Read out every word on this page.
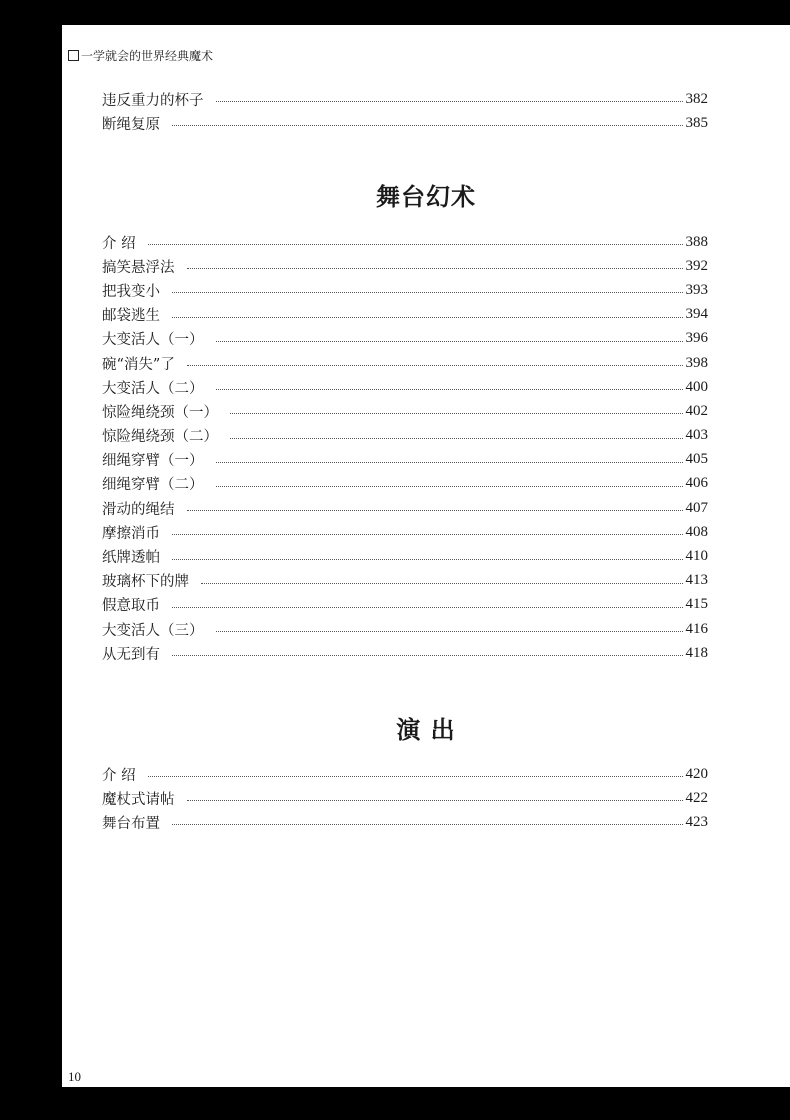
一学就会的世界经典魔术
违反重力的杯子	382
断绳复原	385
舞台幻术
介 绍	388
搞笑悬浮法	392
把我变小	393
邮袋逃生	394
大变活人（一）	396
碗“消失”了	398
大变活人（二）	400
惊险绳绕颈（一）	402
惊险绳绕颈（二）	403
细绳穿臂（一）	405
细绳穿臂（二）	406
滑动的绳结	407
摩擦消币	408
纸牌透帕	410
玻璃杯下的牌	413
假意取币	415
大变活人（三）	416
从无到有	418
演 出
介 绍	420
魔杖式请帖	422
舞台布置	423
10
